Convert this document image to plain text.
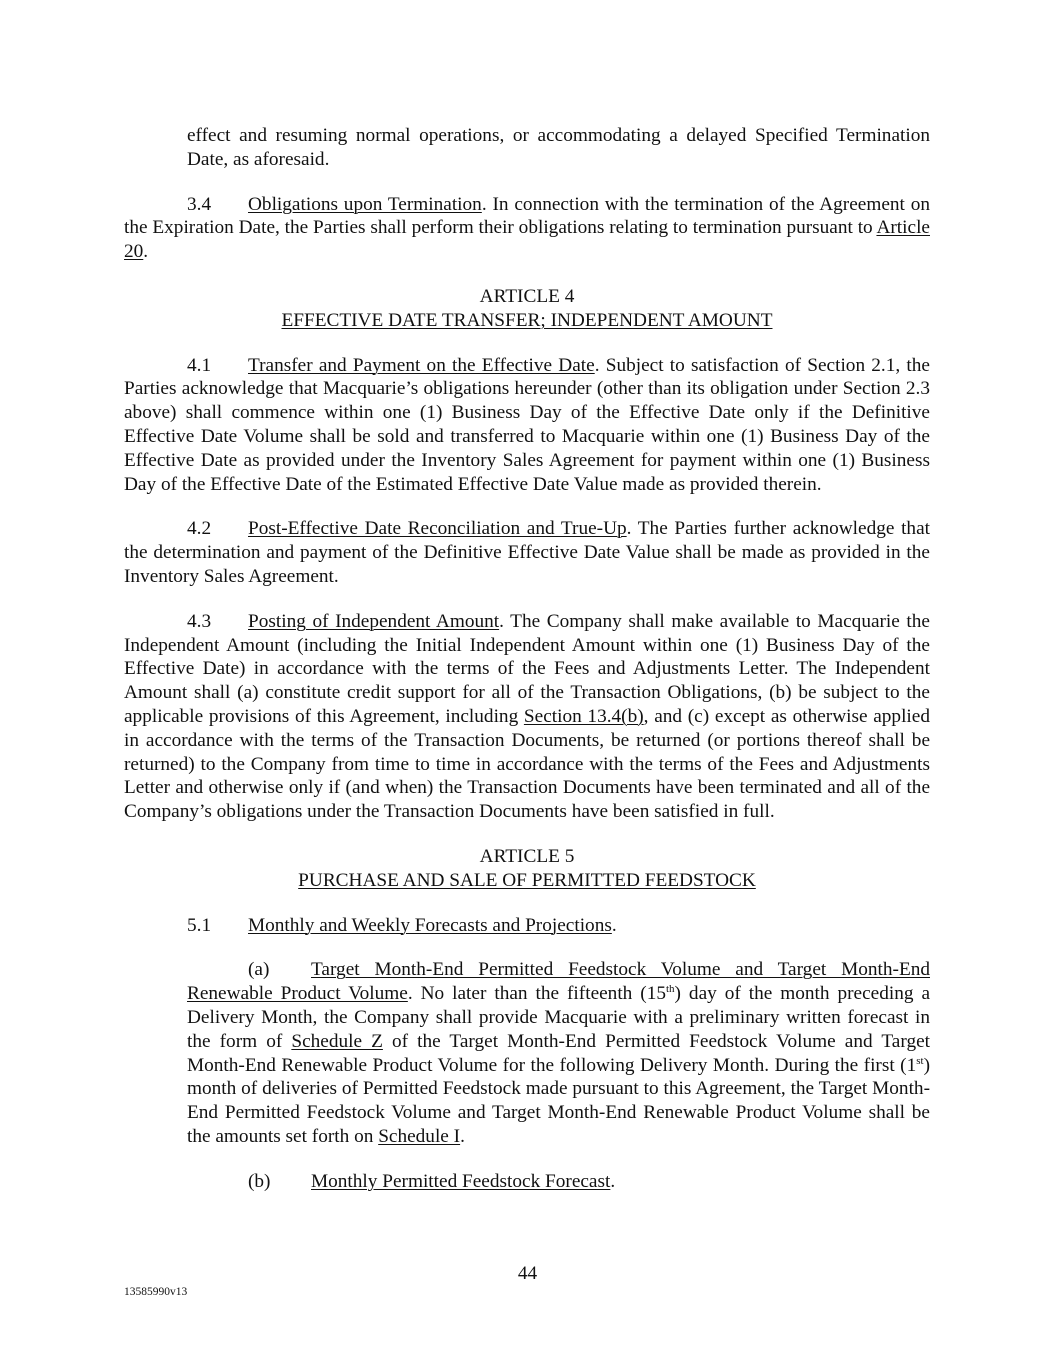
effect and resuming normal operations, or accommodating a delayed Specified Termination Date, as aforesaid.
3.4 Obligations upon Termination. In connection with the termination of the Agreement on the Expiration Date, the Parties shall perform their obligations relating to termination pursuant to Article 20.
ARTICLE 4
EFFECTIVE DATE TRANSFER; INDEPENDENT AMOUNT
4.1 Transfer and Payment on the Effective Date. Subject to satisfaction of Section 2.1, the Parties acknowledge that Macquarie’s obligations hereunder (other than its obligation under Section 2.3 above) shall commence within one (1) Business Day of the Effective Date only if the Definitive Effective Date Volume shall be sold and transferred to Macquarie within one (1) Business Day of the Effective Date as provided under the Inventory Sales Agreement for payment within one (1) Business Day of the Effective Date of the Estimated Effective Date Value made as provided therein.
4.2 Post-Effective Date Reconciliation and True-Up. The Parties further acknowledge that the determination and payment of the Definitive Effective Date Value shall be made as provided in the Inventory Sales Agreement.
4.3 Posting of Independent Amount. The Company shall make available to Macquarie the Independent Amount (including the Initial Independent Amount within one (1) Business Day of the Effective Date) in accordance with the terms of the Fees and Adjustments Letter. The Independent Amount shall (a) constitute credit support for all of the Transaction Obligations, (b) be subject to the applicable provisions of this Agreement, including Section 13.4(b), and (c) except as otherwise applied in accordance with the terms of the Transaction Documents, be returned (or portions thereof shall be returned) to the Company from time to time in accordance with the terms of the Fees and Adjustments Letter and otherwise only if (and when) the Transaction Documents have been terminated and all of the Company’s obligations under the Transaction Documents have been satisfied in full.
ARTICLE 5
PURCHASE AND SALE OF PERMITTED FEEDSTOCK
5.1 Monthly and Weekly Forecasts and Projections.
(a) Target Month-End Permitted Feedstock Volume and Target Month-End Renewable Product Volume. No later than the fifteenth (15th) day of the month preceding a Delivery Month, the Company shall provide Macquarie with a preliminary written forecast in the form of Schedule Z of the Target Month-End Permitted Feedstock Volume and Target Month-End Renewable Product Volume for the following Delivery Month. During the first (1st) month of deliveries of Permitted Feedstock made pursuant to this Agreement, the Target Month-End Permitted Feedstock Volume and Target Month-End Renewable Product Volume shall be the amounts set forth on Schedule I.
(b) Monthly Permitted Feedstock Forecast.
44
13585990v13
